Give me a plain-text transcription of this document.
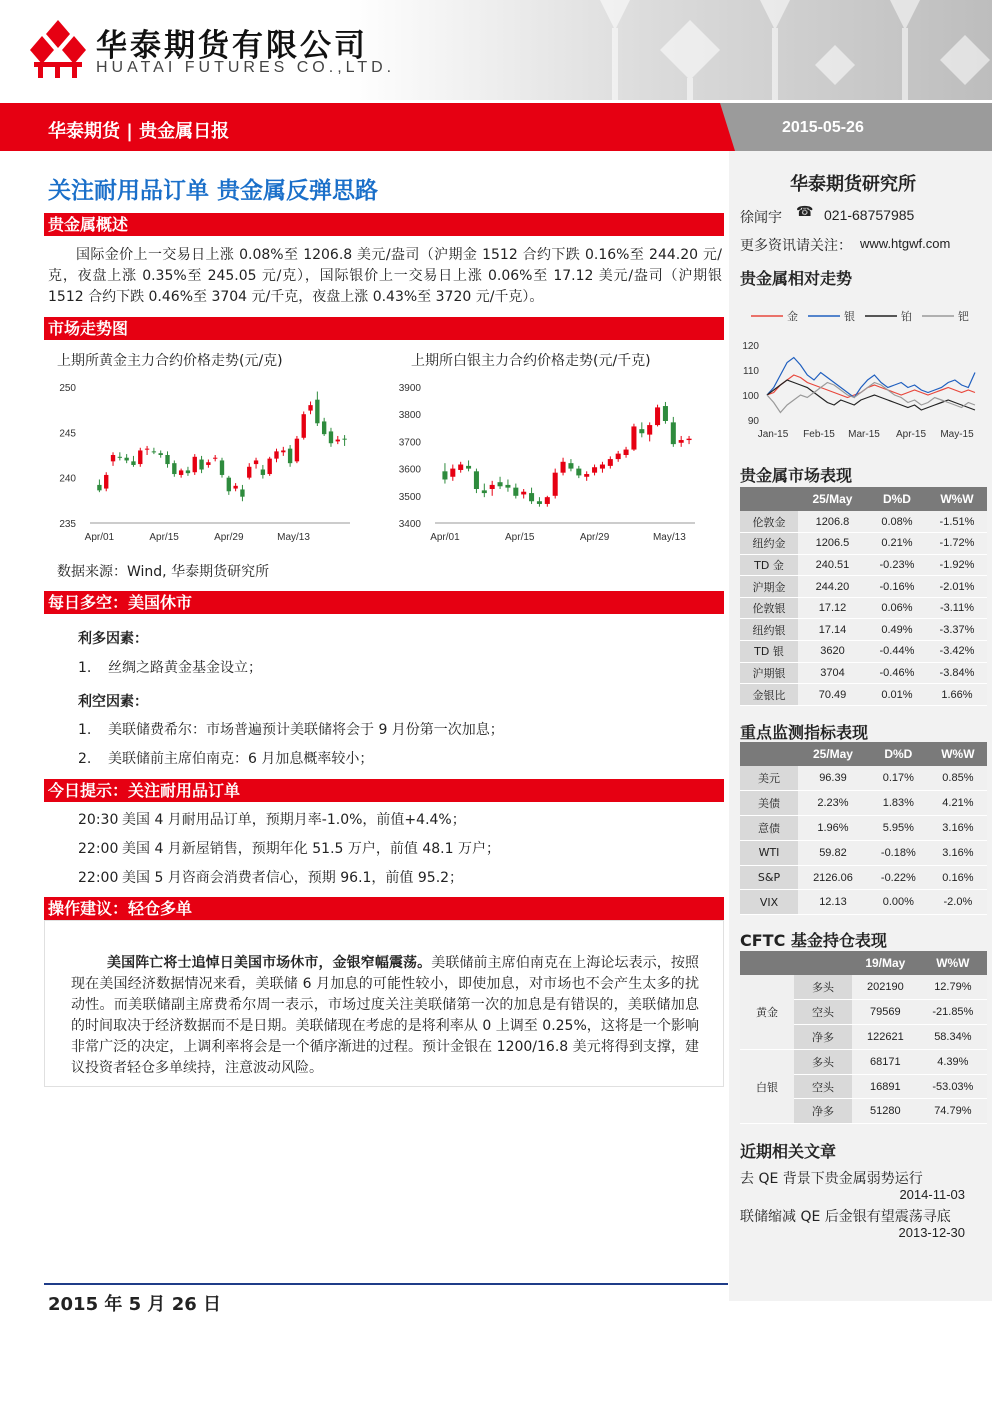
华泰期货有限公司
HUATAI FUTURES CO.,LTD.
华泰期货 | 贵金属日报	2015-05-26
关注耐用品订单 贵金属反弹思路
贵金属概述
国际金价上一交易日上涨 0.08%至 1206.8 美元/盎司（沪期金 1512 合约下跌 0.16%至 244.20 元/克，夜盘上涨 0.35%至 245.05 元/克），国际银价上一交易日上涨 0.06%至 17.12 美元/盎司（沪期银 1512 合约下跌 0.46%至 3704 元/千克，夜盘上涨 0.43%至 3720 元/千克）。
市场走势图
上期所黄金主力合约价格走势(元/克)	上期所白银主力合约价格走势(元/千克)
235
240
245
250
Apr/01	Apr/15	Apr/29	May/13
3400
3500
3600
3700
3800
3900
Apr/01	Apr/15	Apr/29	May/13
数据来源：Wind, 华泰期货研究所
每日多空：美国休市
利多因素：
1. 丝绸之路黄金基金设立；
利空因素：
1. 美联储费希尔：市场普遍预计美联储将会于 9 月份第一次加息；
2. 美联储前主席伯南克：6 月加息概率较小；
今日提示：关注耐用品订单
20:30 美国 4 月耐用品订单，预期月率-1.0%，前值+4.4%；
22:00 美国 4 月新屋销售，预期年化 51.5 万户，前值 48.1 万户；
22:00 美国 5 月咨商会消费者信心，预期 96.1，前值 95.2；
操作建议：轻仓多单
美国阵亡将士追悼日美国市场休市，金银窄幅震荡。美联储前主席伯南克在上海论坛表示，按照现在美国经济数据情况来看，美联储 6 月加息的可能性较小，即使加息，对市场也不会产生太多的扰动性。而美联储副主席费希尔周一表示，市场过度关注美联储第一次的加息是有错误的，美联储加息的时间取决于经济数据而不是日期。美联储现在考虑的是将利率从 0 上调至 0.25%，这将是一个影响非常广泛的决定，上调利率将会是一个循序渐进的过程。预计金银在 1200/16.8 美元将得到支撑，建议投资者轻仓多单续持，注意波动风险。
华泰期货研究所
徐闻宇 ☎ 021-68757985
更多资讯请关注： www.htgwf.com
贵金属相对走势
金	银	铂	钯
90
100
110
120
Jan-15 Feb-15 Mar-15 Apr-15 May-15
贵金属市场表现
	25/May	D%D	W%W
伦敦金	1206.8	0.08%	-1.51%
纽约金	1206.5	0.21%	-1.72%
TD 金	240.51	-0.23%	-1.92%
沪期金	244.20	-0.16%	-2.01%
伦敦银	17.12	0.06%	-3.11%
纽约银	17.14	0.49%	-3.37%
TD 银	3620	-0.44%	-3.42%
沪期银	3704	-0.46%	-3.84%
金银比	70.49	0.01%	1.66%
重点监测指标表现
	25/May	D%D	W%W
美元	96.39	0.17%	0.85%
美债	2.23%	1.83%	4.21%
意债	1.96%	5.95%	3.16%
WTI	59.82	-0.18%	3.16%
S&P	2126.06	-0.22%	0.16%
VIX	12.13	0.00%	-2.0%
CFTC 基金持仓表现
		19/May	W%W
黄金	多头	202190	12.79%
	空头	79569	-21.85%
	净多	122621	58.34%
白银	多头	68171	4.39%
	空头	16891	-53.03%
	净多	51280	74.79%
近期相关文章
去 QE 背景下贵金属弱势运行
2014-11-03
联储缩减 QE 后金银有望震荡寻底
2013-12-30
2015 年 5 月 26 日
